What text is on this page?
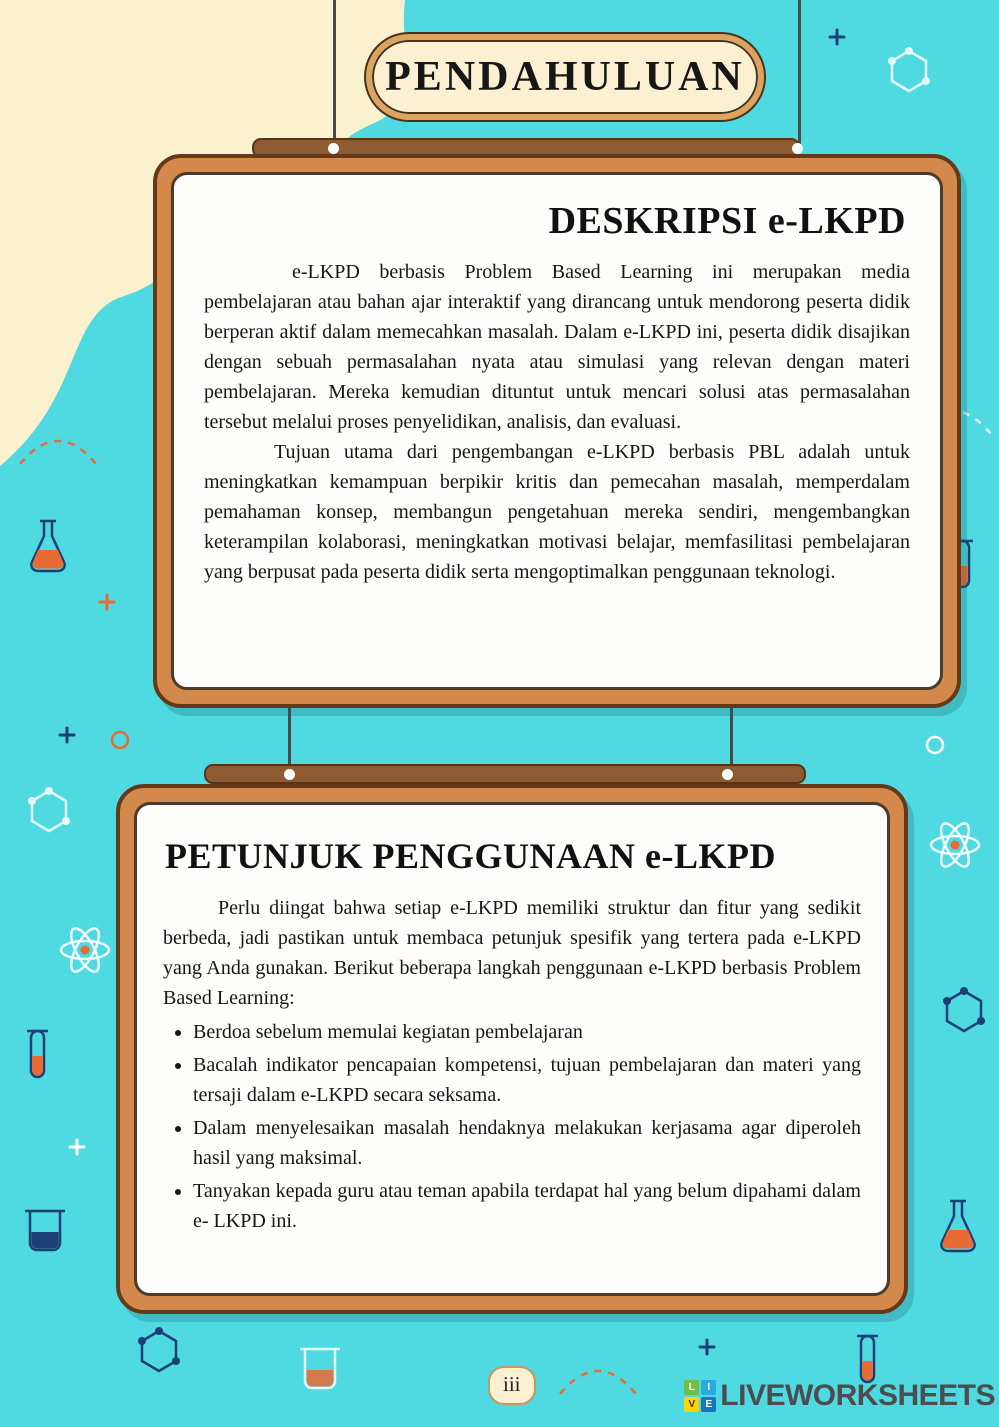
PENDAHULUAN
DESKRIPSI e-LKPD

e-LKPD berbasis Problem Based Learning ini merupakan media pembelajaran atau bahan ajar interaktif yang dirancang untuk mendorong peserta didik berperan aktif dalam memecahkan masalah. Dalam e-LKPD ini, peserta didik disajikan dengan sebuah permasalahan nyata atau simulasi yang relevan dengan materi pembelajaran. Mereka kemudian dituntut untuk mencari solusi atas permasalahan tersebut melalui proses penyelidikan, analisis, dan evaluasi.

Tujuan utama dari pengembangan e-LKPD berbasis PBL adalah untuk meningkatkan kemampuan berpikir kritis dan pemecahan masalah, memperdalam pemahaman konsep, membangun pengetahuan mereka sendiri, mengembangkan keterampilan kolaborasi, meningkatkan motivasi belajar, memfasilitasi pembelajaran yang berpusat pada peserta didik serta mengoptimalkan penggunaan teknologi.

PETUNJUK PENGGUNAAN e-LKPD

Perlu diingat bahwa setiap e-LKPD memiliki struktur dan fitur yang sedikit berbeda, jadi pastikan untuk membaca petunjuk spesifik yang tertera pada e-LKPD yang Anda gunakan. Berikut beberapa langkah penggunaan e-LKPD berbasis Problem Based Learning:

• Berdoa sebelum memulai kegiatan pembelajaran
• Bacalah indikator pencapaian kompetensi, tujuan pembelajaran dan materi yang tersaji dalam e-LKPD secara seksama.
• Dalam menyelesaikan masalah hendaknya melakukan kerjasama agar diperoleh hasil yang maksimal.
• Tanyakan kepada guru atau teman apabila terdapat hal yang belum dipahami dalam e- LKPD ini.
iii	L	I
V	E LIVEWORKSHEETS
